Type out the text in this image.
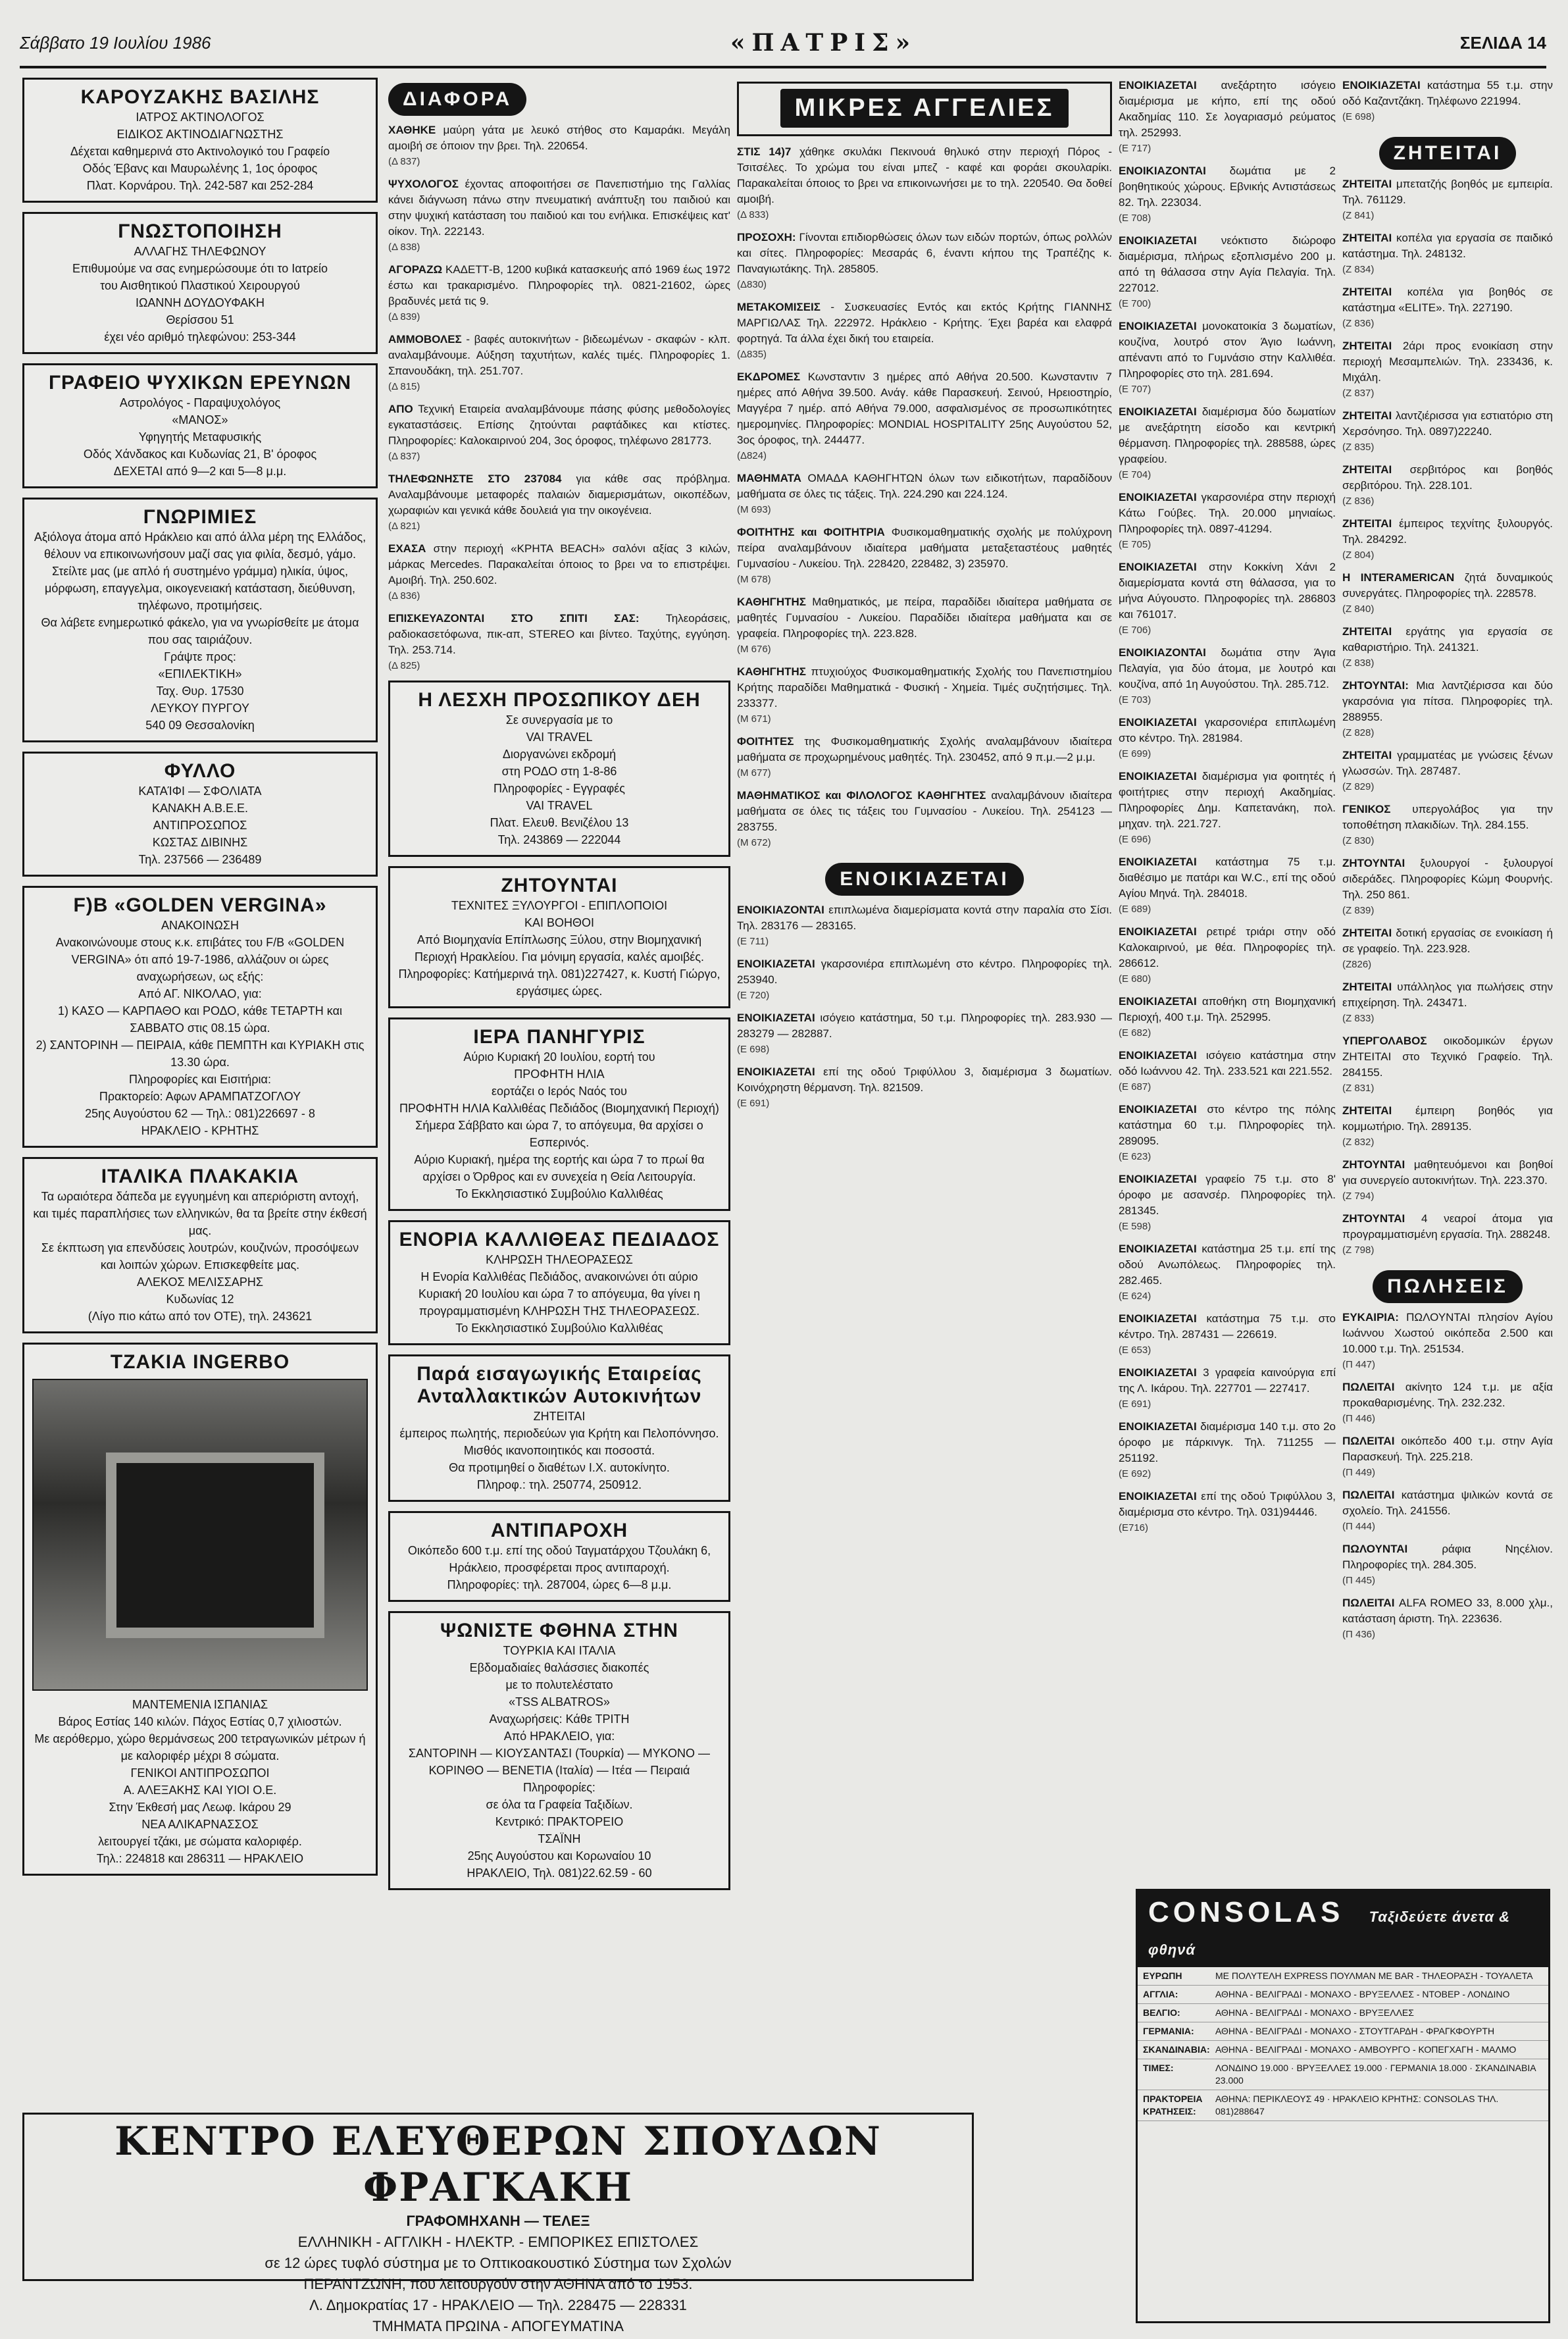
Σάββατο 19 Ιουλίου 1986	«ΠΑΤΡΙΣ»	ΣΕΛΙΔΑ 14
ΚΑΡΟΥΖΑΚΗΣ ΒΑΣΙΛΗΣ
ΙΑΤΡΟΣ ΑΚΤΙΝΟΛΟΓΟΣ
ΕΙΔΙΚΟΣ ΑΚΤΙΝΟΔΙΑΓΝΩΣΤΗΣ
Δέχεται καθημερινά στο Ακτινολογικό του Γραφείο
Οδός Έβανς και Μαυρωλένης 1, 1ος όροφος
Πλατ. Κορνάρου. Τηλ. 242-587 και 252-284
ΓΝΩΣΤΟΠΟΙΗΣΗ
ΑΛΛΑΓΗΣ ΤΗΛΕΦΩΝΟΥ
Επιθυμούμε να σας ενημερώσουμε ότι το Ιατρείο
του Αισθητικού Πλαστικού Χειρουργού
ΙΩΑΝΝΗ ΔΟΥΔΟΥΦΑΚΗ
Θερίσσου 51
έχει νέο αριθμό τηλεφώνου: 253-344
ΓΡΑΦΕΙΟ ΨΥΧΙΚΩΝ ΕΡΕΥΝΩΝ
Αστρολόγος - Παραψυχολόγος
«ΜΑΝΟΣ»
Υφηγητής Μεταφυσικής
Οδός Χάνδακος και Κυδωνίας 21, Β' όροφος
ΔΕΧΕΤΑΙ από 9—2 και 5—8 μ.μ.
ΓΝΩΡΙΜΙΕΣ
Αξιόλογα άτομα από Ηράκλειο και από άλλα μέρη της Ελλάδος, θέλουν να επικοινωνήσουν μαζί σας για φιλία, δεσμό, γάμο.
Στείλτε μας (με απλό ή συστημένο γράμμα) ηλικία, ύψος, μόρφωση, επαγγελμα, οικογενειακή κατάσταση, διεύθυνση, τηλέφωνο, προτιμήσεις.
Θα λάβετε ενημερωτικό φάκελο, για να γνωρίσθείτε με άτομα που σας ταιριάζουν.
Γράψτε προς:
«ΕΠΙΛΕΚΤΙΚΗ»
Ταχ. Θυρ. 17530
ΛΕΥΚΟΥ ΠΥΡΓΟΥ
540 09 Θεσσαλονίκη
ΦΥΛΛΟ
ΚΑΤΑΊΦΙ — ΣΦΟΛΙΑΤΑ
ΚΑΝΑΚΗ Α.Β.Ε.Ε.
ΑΝΤΙΠΡΟΣΩΠΟΣ
ΚΩΣΤΑΣ ΔΙΒΙΝΗΣ
Τηλ. 237566 — 236489
F)B «GOLDEN VERGINA»
ΑΝΑΚΟΙΝΩΣΗ
Ανακοινώνουμε στους κ.κ. επιβάτες του F/B «GOLDEN VERGINA» ότι από 19-7-1986, αλλάζουν οι ώρες αναχωρήσεων, ως εξής:
Από ΑΓ. ΝΙΚΟΛΑΟ, για:
1) ΚΑΣΟ — ΚΑΡΠΑΘΟ και ΡΟΔΟ, κάθε ΤΕΤΑΡΤΗ και ΣΑΒΒΑΤΟ στις 08.15 ώρα.
2) ΣΑΝΤΟΡΙΝΗ — ΠΕΙΡΑΙΑ, κάθε ΠΕΜΠΤΗ και ΚΥΡΙΑΚΗ στις 13.30 ώρα.
Πληροφορίες και Εισιτήρια:
Πρακτορείο: Αφων ΑΡΑΜΠΑΤΖΟΓΛΟΥ
25ης Αυγούστου 62 — Τηλ.: 081)226697 - 8
ΗΡΑΚΛΕΙΟ - ΚΡΗΤΗΣ
ΙΤΑΛΙΚΑ ΠΛΑΚΑΚΙΑ
Τα ωραιότερα δάπεδα με εγγυημένη και απεριόριστη αντοχή, και τιμές παραπλήσιες των ελληνικών, θα τα βρείτε στην έκθεσή μας.
Σε έκπτωση για επενδύσεις λουτρών, κουζινών, προσόψεων και λοιπών χώρων. Επισκεφθείτε μας.
ΑΛΕΚΟΣ ΜΕΛΙΣΣΑΡΗΣ
Κυδωνίας 12
(Λίγο πιο κάτω από τον ΟΤΕ), τηλ. 243621
ΤΖΑΚΙΑ INGERBO
ΜΑΝΤΕΜΕΝΙΑ ΙΣΠΑΝΙΑΣ
Βάρος Εστίας 140 κιλών. Πάχος Εστίας 0,7 χιλιοστών.
Με αερόθερμο, χώρο θερμάνσεως 200 τετραγωνικών μέτρων ή με καλοριφέρ μέχρι 8 σώματα.
ΓΕΝΙΚΟΙ ΑΝΤΙΠΡΟΣΩΠΟΙ
Α. ΑΛΕΞΑΚΗΣ ΚΑΙ ΥΙΟΙ Ο.Ε.
Στην Έκθεσή μας Λεωφ. Ικάρου 29
ΝΕΑ ΑΛΙΚΑΡΝΑΣΣΟΣ
λειτουργεί τζάκι, με σώματα καλοριφέρ.
Τηλ.: 224818 και 286311 — ΗΡΑΚΛΕΙΟ
ΔΙΑΦΟΡΑ

ΧΑΘΗΚΕ μαύρη γάτα με λευκό στήθος στο Καμαράκι. Μεγάλη αμοιβή σε όποιον την βρει. Τηλ. 220654.
(Δ 837)

ΨΥΧΟΛΟΓΟΣ έχοντας αποφοιτήσει σε Πανεπιστήμιο της Γαλλίας κάνει διάγνωση πάνω στην πνευματική ανάπτυξη του παιδιού και στην ψυχική κατάσταση του παιδιού και του ενήλικα. Επισκέψεις κατ' οίκον. Τηλ. 222143.
(Δ 838)

ΑΓΟΡΑΖΩ ΚΑΔΕΤΤ-Β, 1200 κυβικά κατασκευής από 1969 έως 1972 έστω και τρακαρισμένο. Πληροφορίες τηλ. 0821-21602, ώρες βραδυνές μετά τις 9.
(Δ 839)

ΑΜΜΟΒΟΛΕΣ - βαφές αυτοκινήτων - βιδεωμένων - σκαφών - κλπ. αναλαμβάνουμε. Αύξηση ταχυτήτων, καλές τιμές. Πληροφορίες 1. Σπανουδάκη, τηλ. 251.707.
(Δ 815)

ΑΠΟ Τεχνική Εταιρεία αναλαμβάνουμε πάσης φύσης μεθοδολογίες εγκαταστάσεις. Επίσης ζητούνται ραφτάδικες και κτίστες. Πληροφορίες: Καλοκαιρινού 204, 3ος όροφος, τηλέφωνο 281773.
(Δ 837)

ΤΗΛΕΦΩΝΗΣΤΕ ΣΤΟ 237084 για κάθε σας πρόβλημα. Αναλαμβάνουμε μεταφορές παλαιών διαμερισμάτων, οικοπέδων, χωραφιών και γενικά κάθε δουλειά για την οικογένεια.
(Δ 821)

ΕΧΑΣΑ στην περιοχή «ΚΡΗΤΑ BEACH» σαλόνι αξίας 3 κιλών, μάρκας Mercedes. Παρακαλείται όποιος το βρει να το επιστρέψει. Αμοιβή. Τηλ. 250.602.
(Δ 836)

ΕΠΙΣΚΕΥΑΖΟΝΤΑΙ ΣΤΟ ΣΠΙΤΙ ΣΑΣ: Τηλεοράσεις, ραδιοκασετόφωνα, πικ-απ, STEREO και βίντεο. Ταχύτης, εγγύηση. Τηλ. 253.714.
(Δ 825)

Η ΛΕΣΧΗ ΠΡΟΣΩΠΙΚΟΥ ΔΕΗ
Σε συνεργασία με το
VAI TRAVEL
Διοργανώνει εκδρομή
στη ΡΟΔΟ στη 1-8-86
Πληροφορίες - Εγγραφές
VAI TRAVEL
Πλατ. Ελευθ. Βενιζέλου 13
Τηλ. 243869 — 222044
ΖΗΤΟΥΝΤΑΙ
ΤΕΧΝΙΤΕΣ ΞΥΛΟΥΡΓΟΙ - ΕΠΙΠΛΟΠΟΙΟΙ
ΚΑΙ ΒΟΗΘΟΙ
Από Βιομηχανία Επίπλωσης Ξύλου, στην Βιομηχανική Περιοχή Ηρακλείου. Για μόνιμη εργασία, καλές αμοιβές.
Πληροφορίες: Κατήμερινά τηλ. 081)227427, κ. Κυστή Γιώργο, εργάσιμες ώρες.
ΙΕΡΑ ΠΑΝΗΓΥΡΙΣ
Αύριο Κυριακή 20 Ιουλίου, εορτή του
ΠΡΟΦΗΤΗ ΗΛΙΑ
εορτάζει ο Ιερός Ναός του
ΠΡΟΦΗΤΗ ΗΛΙΑ Καλλιθέας Πεδιάδος (Βιομηχανική Περιοχή)
Σήμερα Σάββατο και ώρα 7, το απόγευμα, θα αρχίσει ο Εσπερινός.
Αύριο Κυριακή, ημέρα της εορτής και ώρα 7 το πρωί θα αρχίσει ο Όρθρος και εν συνεχεία η Θεία Λειτουργία.
Το Εκκλησιαστικό Συμβούλιο Καλλιθέας
ΕΝΟΡΙΑ ΚΑΛΛΙΘΕΑΣ ΠΕΔΙΑΔΟΣ
ΚΛΗΡΩΣΗ ΤΗΛΕΟΡΑΣΕΩΣ
Η Ενορία Καλλιθέας Πεδιάδος, ανακοινώνει ότι αύριο Κυριακή 20 Ιουλίου και ώρα 7 το απόγευμα, θα γίνει η προγραμματισμένη ΚΛΗΡΩΣΗ ΤΗΣ ΤΗΛΕΟΡΑΣΕΩΣ.
Το Εκκλησιαστικό Συμβούλιο Καλλιθέας
Παρά εισαγωγικής Εταιρείας Ανταλλακτικών Αυτοκινήτων
ΖΗΤΕΙΤΑΙ
έμπειρος πωλητής, περιοδεύων για Κρήτη και Πελοπόννησο.
Μισθός ικανοποιητικός και ποσοστά.
Θα προτιμηθεί ο διαθέτων Ι.Χ. αυτοκίνητο.
Πληροφ.: τηλ. 250774, 250912.
ΑΝΤΙΠΑΡΟΧΗ
Οικόπεδο 600 τ.μ. επί της οδού Ταγματάρχου Τζουλάκη 6, Ηράκλειο, προσφέρεται προς αντιπαροχή.
Πληροφορίες: τηλ. 287004, ώρες 6—8 μ.μ.
ΨΩΝΙΣΤΕ ΦΘΗΝΑ ΣΤΗΝ
ΤΟΥΡΚΙΑ ΚΑΙ ΙΤΑΛΙΑ
Εβδομαδιαίες θαλάσσιες διακοπές
με το πολυτελέστατο
«TSS ALBATROS»
Αναχωρήσεις: Κάθε ΤΡΙΤΗ
Από ΗΡΑΚΛΕΙΟ, για:
ΣΑΝΤΟΡΙΝΗ — ΚΙΟΥΣΑΝΤΑΣΙ (Τουρκία) — ΜΥΚΟΝΟ — ΚΟΡΙΝΘΟ — ΒΕΝΕΤΙΑ (Ιταλία) — Ιτέα — Πειραιά
Πληροφορίες:
σε όλα τα Γραφεία Ταξιδίων.
Κεντρικό: ΠΡΑΚΤΟΡΕΙΟ
ΤΣΑΪΝΗ
25ης Αυγούστου και Κορωναίου 10
ΗΡΑΚΛΕΙΟ, Τηλ. 081)22.62.59 - 60
ΜΙΚΡΕΣ ΑΓΓΕΛΙΕΣ

ΣΤΙΣ 14)7 χάθηκε σκυλάκι Πεκινουά θηλυκό στην περιοχή Πόρος - Τσιτσέλες. Το χρώμα του είναι μπεζ - καφέ και φοράει σκουλαρίκι. Παρακαλείται όποιος το βρει να επικοινωνήσει με το τηλ. 220540. Θα δοθεί αμοιβή.
(Δ 833)

ΠΡΟΣΟΧΗ: Γίνονται επιδιορθώσεις όλων των ειδών πορτών, όπως ρολλών και σίτες. Πληροφορίες: Μεσαράς 6, έναντι κήπου της Τραπέζης κ. Παναγιωτάκης. Τηλ. 285805.
(Δ830)

ΜΕΤΑΚΟΜΙΣΕΙΣ - Συσκευασίες Εντός και εκτός Κρήτης ΓΙΑΝΝΗΣ ΜΑΡΓΙΩΛΑΣ Τηλ. 222972. Ηράκλειο - Κρήτης. Έχει βαρέα και ελαφρά φορτηγά. Τα άλλα έχει δική του εταιρεία.
(Δ835)

ΕΚΔΡΟΜΕΣ Κωνσταντιν 3 ημέρες από Αθήνα 20.500. Κωνσταντιν 7 ημέρες από Αθήνα 39.500. Ανάγ. κάθε Παρασκευή. Σεινού, Ηρειοστηρίο, Μαγγέρα 7 ημέρ. από Αθήνα 79.000, ασφαλισμένος σε προσωπικότητες ημερομηνίες. Πληροφορίες: MONDIAL HOSPITALITY 25ης Αυγούστου 52, 3ος όροφος, τηλ. 244477.
(Δ824)

ΜΑΘΗΜΑΤΑ ΟΜΑΔΑ ΚΑΘΗΓΗΤΩΝ όλων των ειδικοτήτων, παραδίδουν μαθήματα σε όλες τις τάξεις. Τηλ. 224.290 και 224.124.
(Μ 693)

ΦΟΙΤΗΤΗΣ και ΦΟΙΤΗΤΡΙΑ Φυσικομαθηματικής σχολής με πολύχρονη πείρα αναλαμβάνουν ιδιαίτερα μαθήματα μεταξεταστέους μαθητές Γυμνασίου - Λυκείου. Τηλ. 228420, 228482, 3) 235970.
(Μ 678)

ΚΑΘΗΓΗΤΗΣ Μαθηματικός, με πείρα, παραδίδει ιδιαίτερα μαθήματα σε μαθητές Γυμνασίου - Λυκείου. Παραδίδει ιδιαίτερα μαθήματα και σε γραφεία. Πληροφορίες τηλ. 223.828.
(Μ 676)

ΚΑΘΗΓΗΤΗΣ πτυχιούχος Φυσικομαθηματικής Σχολής του Πανεπιστημίου Κρήτης παραδίδει Μαθηματικά - Φυσική - Χημεία. Τιμές συζητήσιμες. Τηλ. 233377.
(Μ 671)

ΦΟΙΤΗΤΕΣ της Φυσικομαθηματικής Σχολής αναλαμβάνουν ιδιαίτερα μαθήματα σε προχωρημένους μαθητές. Τηλ. 230452, από 9 π.μ.—2 μ.μ.
(Μ 677)

ΜΑΘΗΜΑΤΙΚΟΣ και ΦΙΛΟΛΟΓΟΣ ΚΑΘΗΓΗΤΕΣ αναλαμβάνουν ιδιαίτερα μαθήματα σε όλες τις τάξεις του Γυμνασίου - Λυκείου. Τηλ. 254123 — 283755.
(Μ 672)

ΕΝΟΙΚΙΑΖΕΤΑΙ

ΕΝΟΙΚΙΑΖΟΝΤΑΙ επιπλωμένα διαμερίσματα κοντά στην παραλία στο Σίσι. Τηλ. 283176 — 283165.
(Ε 711)

ΕΝΟΙΚΙΑΖΕΤΑΙ γκαρσονιέρα επιπλωμένη στο κέντρο. Πληροφορίες τηλ. 253940.
(Ε 720)

ΕΝΟΙΚΙΑΖΕΤΑΙ ισόγειο κατάστημα, 50 τ.μ. Πληροφορίες τηλ. 283.930 — 283279 — 282887.
(Ε 698)

ΕΝΟΙΚΙΑΖΕΤΑΙ επί της οδού Τριφύλλου 3, διαμέρισμα 3 δωματίων. Κοινόχρηστη θέρμανση. Τηλ. 821509.
(Ε 691)

ΕΝΟΙΚΙΑΖΕΤΑΙ ανεξάρτητο ισόγειο διαμέρισμα με κήπο, επί της οδού Ακαδημίας 110. Σε λογαριασμό ρεύματος τηλ. 252993.
(Ε 717)

ΕΝΟΙΚΙΑΖΟΝΤΑΙ δωμάτια με 2 βοηθητικούς χώρους. Εβνικής Αντιστάσεως 82. Τηλ. 223034.
(Ε 708)

ΕΝΟΙΚΙΑΖΕΤΑΙ νεόκτιστο διώροφο διαμέρισμα, πλήρως εξοπλισμένο 200 μ. από τη θάλασσα στην Αγία Πελαγία. Τηλ. 227012.
(Ε 700)

ΕΝΟΙΚΙΑΖΕΤΑΙ μονοκατοικία 3 δωματίων, κουζίνα, λουτρό στον Άγιο Ιωάννη, απέναντι από το Γυμνάσιο στην Καλλιθέα. Πληροφορίες στο τηλ. 281.694.
(Ε 707)

ΕΝΟΙΚΙΑΖΕΤΑΙ διαμέρισμα δύο δωματίων με ανεξάρτητη είσοδο και κεντρική θέρμανση. Πληροφορίες τηλ. 288588, ώρες γραφείου.
(Ε 704)

ΕΝΟΙΚΙΑΖΕΤΑΙ γκαρσονιέρα στην περιοχή Κάτω Γούβες. Τηλ. 20.000 μηνιαίως. Πληροφορίες τηλ. 0897-41294.
(Ε 705)

ΕΝΟΙΚΙΑΖΕΤΑΙ στην Κοκκίνη Χάνι 2 διαμερίσματα κοντά στη θάλασσα, για το μήνα Αύγουστο. Πληροφορίες τηλ. 286803 και 761017.
(Ε 706)

ΕΝΟΙΚΙΑΖΟΝΤΑΙ δωμάτια στην Άγια Πελαγία, για δύο άτομα, με λουτρό και κουζίνα, από 1η Αυγούστου. Τηλ. 285.712.
(Ε 703)

ΕΝΟΙΚΙΑΖΕΤΑΙ γκαρσονιέρα επιπλωμένη στο κέντρο. Τηλ. 281984.
(Ε 699)

ΕΝΟΙΚΙΑΖΕΤΑΙ διαμέρισμα για φοιτητές ή φοιτήτριες στην περιοχή Ακαδημίας. Πληροφορίες Δημ. Καπετανάκη, πολ. μηχαν. τηλ. 221.727.
(Ε 696)

ΕΝΟΙΚΙΑΖΕΤΑΙ κατάστημα 75 τ.μ. διαθέσιμο με πατάρι και W.C., επί της οδού Αγίου Μηνά. Τηλ. 284018.
(Ε 689)

ΕΝΟΙΚΙΑΖΕΤΑΙ ρετιρέ τριάρι στην οδό Καλοκαιρινού, με θέα. Πληροφορίες τηλ. 286612.
(Ε 680)

ΕΝΟΙΚΙΑΖΕΤΑΙ αποθήκη στη Βιομηχανική Περιοχή, 400 τ.μ. Τηλ. 252995.
(Ε 682)

ΕΝΟΙΚΙΑΖΕΤΑΙ ισόγειο κατάστημα στην οδό Ιωάννου 42. Τηλ. 233.521 και 221.552.
(Ε 687)

ΕΝΟΙΚΙΑΖΕΤΑΙ στο κέντρο της πόλης κατάστημα 60 τ.μ. Πληροφορίες τηλ. 289095.
(Ε 623)

ΕΝΟΙΚΙΑΖΕΤΑΙ γραφείο 75 τ.μ. στο 8' όροφο με ασανσέρ. Πληροφορίες τηλ. 281345.
(Ε 598)

ΕΝΟΙΚΙΑΖΕΤΑΙ κατάστημα 25 τ.μ. επί της οδού Ανωπόλεως. Πληροφορίες τηλ. 282.465.
(Ε 624)

ΕΝΟΙΚΙΑΖΕΤΑΙ κατάστημα 75 τ.μ. στο κέντρο. Τηλ. 287431 — 226619.
(Ε 653)

ΕΝΟΙΚΙΑΖΕΤΑΙ 3 γραφεία καινούργια επί της Λ. Ικάρου. Τηλ. 227701 — 227417.
(Ε 691)

ΕΝΟΙΚΙΑΖΕΤΑΙ διαμέρισμα 140 τ.μ. στο 2ο όροφο με πάρκινγκ. Τηλ. 711255 — 251192.
(Ε 692)

ΕΝΟΙΚΙΑΖΕΤΑΙ επί της οδού Τριφύλλου 3, διαμέρισμα στο κέντρο. Τηλ. 031)94446.
(Ε716)

ΕΝΟΙΚΙΑΖΕΤΑΙ κατάστημα 55 τ.μ. στην οδό Καζαντζάκη. Τηλέφωνο 221994.
(Ε 698)

ΖΗΤΕΙΤΑΙ

ΖΗΤΕΙΤΑΙ μπετατζής βοηθός με εμπειρία. Τηλ. 761129.
(Ζ 841)

ΖΗΤΕΙΤΑΙ κοπέλα για εργασία σε παιδικό κατάστημα. Τηλ. 248132.
(Ζ 834)

ΖΗΤΕΙΤΑΙ κοπέλα για βοηθός σε κατάστημα «ELITE». Τηλ. 227190.
(Ζ 836)

ΖΗΤΕΙΤΑΙ 2άρι προς ενοικίαση στην περιοχή Μεσαμπελιών. Τηλ. 233436, κ. Μιχάλη.
(Ζ 837)

ΖΗΤΕΙΤΑΙ λαντζιέρισσα για εστιατόριο στη Χερσόνησο. Τηλ. 0897)22240.
(Ζ 835)

ΖΗΤΕΙΤΑΙ σερβιτόρος και βοηθός σερβιτόρου. Τηλ. 228.101.
(Ζ 836)

ΖΗΤΕΙΤΑΙ έμπειρος τεχνίτης ξυλουργός. Τηλ. 284292.
(Ζ 804)

Η INTERAMERICAN ζητά δυναμικούς συνεργάτες. Πληροφορίες τηλ. 228578.
(Ζ 840)

ΖΗΤΕΙΤΑΙ εργάτης για εργασία σε καθαριστήριο. Τηλ. 241321.
(Ζ 838)

ΖΗΤΟΥΝΤΑΙ: Μια λαντζιέρισσα και δύο γκαρσόνια για πίτσα. Πληροφορίες τηλ. 288955.
(Ζ 828)

ΖΗΤΕΙΤΑΙ γραμματέας με γνώσεις ξένων γλωσσών. Τηλ. 287487.
(Ζ 829)

ΓΕΝΙΚΟΣ υπεργολάβος για την τοποθέτηση πλακιδίων. Τηλ. 284.155.
(Ζ 830)

ΖΗΤΟΥΝΤΑΙ ξυλουργοί - ξυλουργοί σιδεράδες. Πληροφορίες Κώμη Φουρνής. Τηλ. 250 861.
(Ζ 839)

ΖΗΤΕΙΤΑΙ δοτική εργασίας σε ενοικίαση ή σε γραφείο. Τηλ. 223.928.
(Ζ826)

ΖΗΤΕΙΤΑΙ υπάλληλος για πωλήσεις στην επιχείρηση. Τηλ. 243471.
(Ζ 833)

ΥΠΕΡΓΟΛΑΒΟΣ οικοδομικών έργων ΖΗΤΕΙΤΑΙ στο Τεχνικό Γραφείο. Τηλ. 284155.
(Ζ 831)

ΖΗΤΕΙΤΑΙ έμπειρη βοηθός για κομμωτήριο. Τηλ. 289135.
(Ζ 832)

ΖΗΤΟΥΝΤΑΙ μαθητευόμενοι και βοηθοί για συνεργείο αυτοκινήτων. Τηλ. 223.370.
(Ζ 794)

ΖΗΤΟΥΝΤΑΙ 4 νεαροί άτομα για προγραμματισμένη εργασία. Τηλ. 288248.
(Ζ 798)

ΠΩΛΗΣΕΙΣ

ΕΥΚΑΙΡΙΑ: ΠΩΛΟΥΝΤΑΙ πλησίον Αγίου Ιωάννου Χωστού οικόπεδα 2.500 και 10.000 τ.μ. Τηλ. 251534.
(Π 447)

ΠΩΛΕΙΤΑΙ ακίνητο 124 τ.μ. με αξία προκαθαρισμένης. Τηλ. 232.232.
(Π 446)

ΠΩΛΕΙΤΑΙ οικόπεδο 400 τ.μ. στην Αγία Παρασκευή. Τηλ. 225.218.
(Π 449)

ΠΩΛΕΙΤΑΙ κατάστημα ψιλικών κοντά σε σχολείο. Τηλ. 241556.
(Π 444)

ΠΩΛΟΥΝΤΑΙ	ράφια Νηςέλιον. Πληροφορίες τηλ. 284.305.
(Π 445)

ΠΩΛΕΙΤΑΙ ALFA ROMEO 33, 8.000 χλμ., κατάσταση άριστη. Τηλ. 223636.
(Π 436)

CONSOLAS Ταξιδεύετε άνετα & φθηνά
ΕΥΡΩΠΗ	ΜΕ ΠΟΛΥΤΕΛΗ EXPRESS ΠΟΥΛΜΑΝ ME BAR - ΤΗΛΕΟΡΑΣΗ - ΤΟΥΑΛΕΤΑ
ΑΓΓΛΙΑ:	ΑΘΗΝΑ - ΒΕΛΙΓΡΑΔΙ - ΜΟΝΑΧΟ - ΒΡΥΞΕΛΛΕΣ - ΝΤΟΒΕΡ - ΛΟΝΔΙΝΟ
ΒΕΛΓΙΟ:	ΑΘΗΝΑ - ΒΕΛΙΓΡΑΔΙ - ΜΟΝΑΧΟ - ΒΡΥΞΕΛΛΕΣ
ΓΕΡΜΑΝΙΑ:	ΑΘΗΝΑ - ΒΕΛΙΓΡΑΔΙ - ΜΟΝΑΧΟ - ΣΤΟΥΤΓΑΡΔΗ - ΦΡΑΓΚΦΟΥΡΤΗ
ΣΚΑΝΔΙΝΑΒΙΑ: ΑΘΗΝΑ - ΒΕΛΙΓΡΑΔΙ - ΜΟΝΑΧΟ - ΑΜΒΟΥΡΓΟ - ΚΟΠΕΓΧΑΓΗ - ΜΑΛΜΟ
ΤΙΜΕΣ:	ΛΟΝΔΙΝΟ 19.000 · ΒΡΥΞΕΛΛΕΣ 19.000 · ΓΕΡΜΑΝΙΑ 18.000 · ΣΚΑΝΔΙΝΑΒΙΑ 23.000
ΠΡΑΚΤΟΡΕΙΑ ΚΡΑΤΗΣΕΙΣ:
ΑΘΗΝΑ: ΠΕΡΙΚΛΕΟΥΣ 49 · ΗΡΑΚΛΕΙΟ ΚΡΗΤΗΣ: CONSOLAS ΤΗΛ. 081)288647
ΚΕΝΤΡΟ ΕΛΕΥΘΕΡΩΝ ΣΠΟΥΔΩΝ ΦΡΑΓΚΑΚΗ
ΓΡΑΦΟΜΗΧΑΝΗ — ΤΕΛΕΞ
ΕΛΛΗΝΙΚΗ - ΑΓΓΛΙΚΗ - ΗΛΕΚΤΡ. - ΕΜΠΟΡΙΚΕΣ ΕΠΙΣΤΟΛΕΣ
σε 12 ώρες τυφλό σύστημα με το Οπτικοακουστικό Σύστημα των Σχολών
ΠΕΡΑΝΤΖΩΝΗ, που λειτουργούν στην ΑΘΗΝΑ από το 1953.
Λ. Δημοκρατίας 17 - ΗΡΑΚΛΕΙΟ — Τηλ. 228475 — 228331
ΤΜΗΜΑΤΑ ΠΡΩΙΝΑ - ΑΠΟΓΕΥΜΑΤΙΝΑ
